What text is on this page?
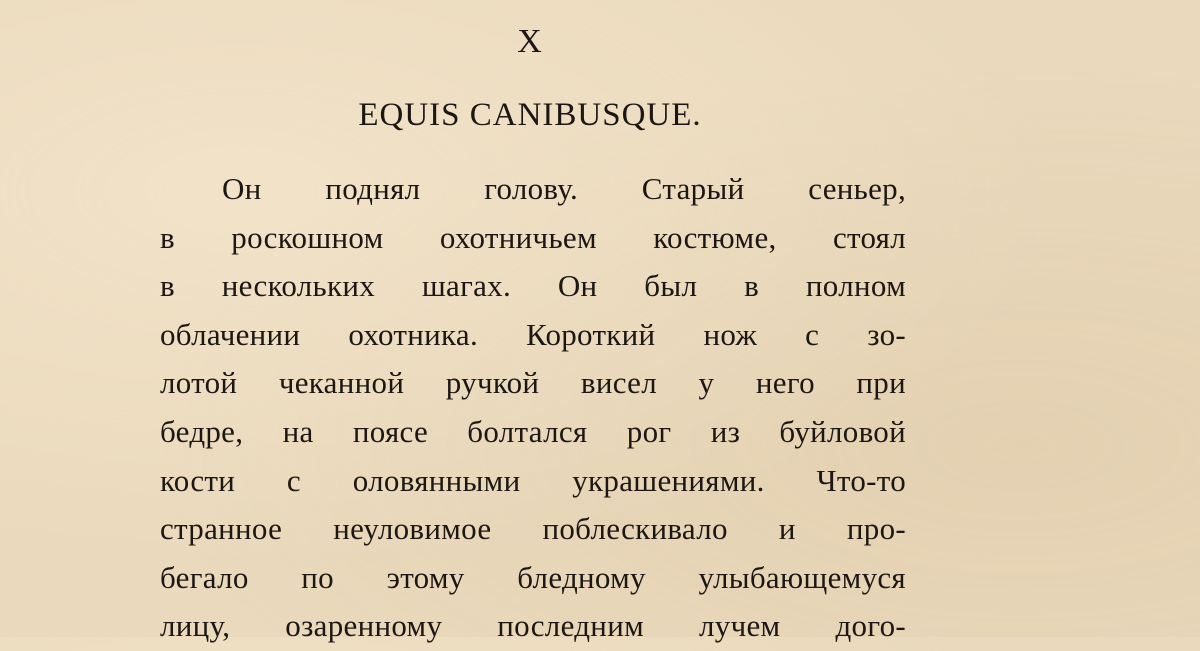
X
EQUIS CANIBUSQUE.
Он поднял голову. Старый сеньер,
в роскошном охотничьем костюме, стоял
в нескольких шагах. Он был в полном
облачении охотника. Короткий нож с зо-
лотой чеканной ручкой висел у него при
бедре, на поясе болтался рог из буйловой
кости с оловянными украшениями. Что-то
странное неуловимое поблескивало и про-
бегало по этому бледному улыбающемуся
лицу, озаренному последним лучем дого-
